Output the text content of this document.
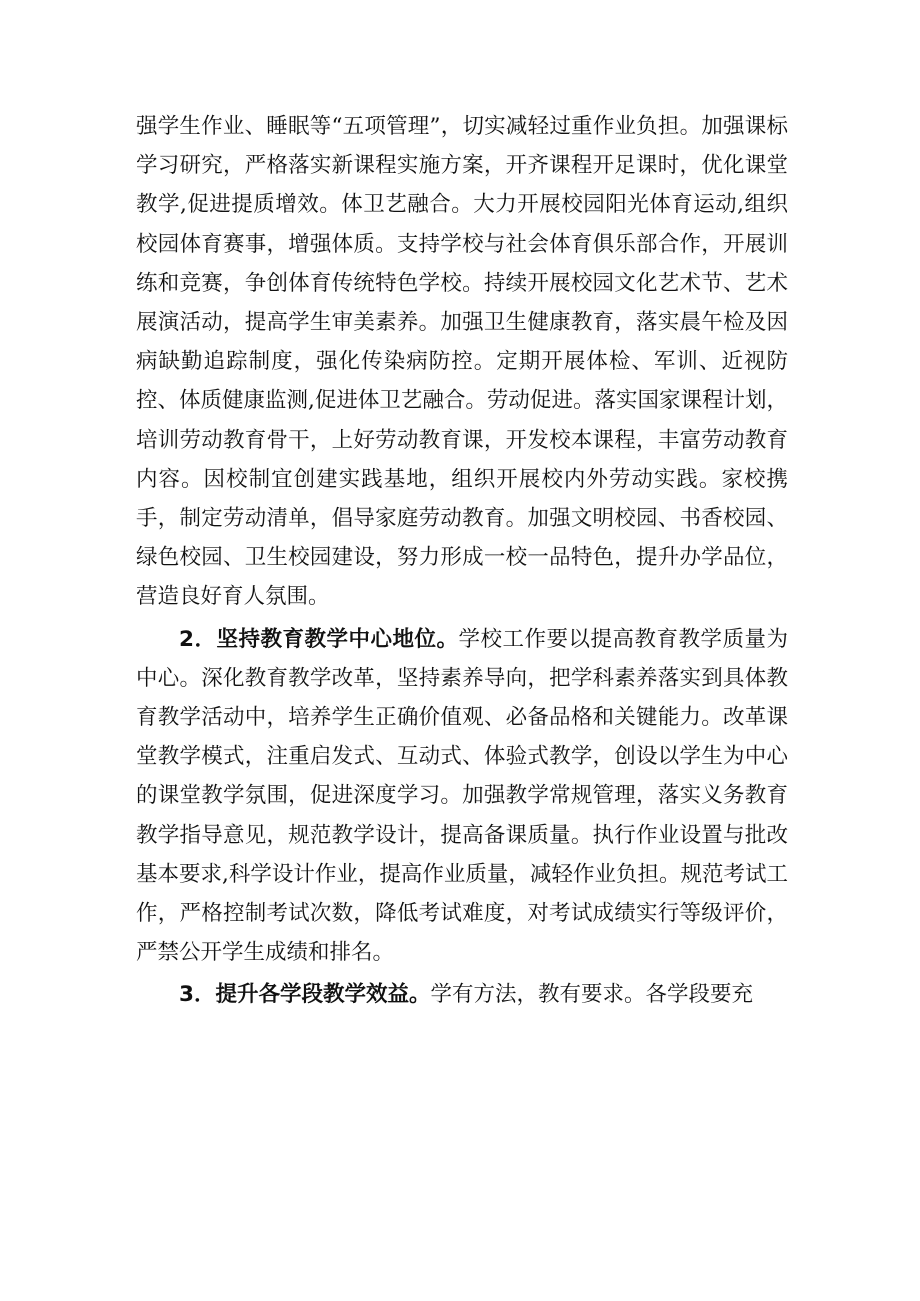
强学生作业、睡眠等“五项管理”，切实减轻过重作业负担。加强课标学习研究，严格落实新课程实施方案，开齐课程开足课时，优化课堂教学,促进提质增效。体卫艺融合。大力开展校园阳光体育运动,组织校园体育赛事，增强体质。支持学校与社会体育俱乐部合作，开展训练和竞赛，争创体育传统特色学校。持续开展校园文化艺术节、艺术展演活动，提高学生审美素养。加强卫生健康教育，落实晨午检及因病缺勤追踪制度，强化传染病防控。定期开展体检、军训、近视防控、体质健康监测,促进体卫艺融合。劳动促进。落实国家课程计划，培训劳动教育骨干，上好劳动教育课，开发校本课程，丰富劳动教育内容。因校制宜创建实践基地，组织开展校内外劳动实践。家校携手，制定劳动清单，倡导家庭劳动教育。加强文明校园、书香校园、绿色校园、卫生校园建设，努力形成一校一品特色，提升办学品位，营造良好育人氛围。

2．坚持教育教学中心地位。学校工作要以提高教育教学质量为中心。深化教育教学改革，坚持素养导向，把学科素养落实到具体教育教学活动中，培养学生正确价值观、必备品格和关键能力。改革课堂教学模式，注重启发式、互动式、体验式教学，创设以学生为中心的课堂教学氛围，促进深度学习。加强教学常规管理，落实义务教育教学指导意见，规范教学设计，提高备课质量。执行作业设置与批改基本要求,科学设计作业，提高作业质量，减轻作业负担。规范考试工作，严格控制考试次数，降低考试难度，对考试成绩实行等级评价，严禁公开学生成绩和排名。

3．提升各学段教学效益。学有方法，教有要求。各学段要充
